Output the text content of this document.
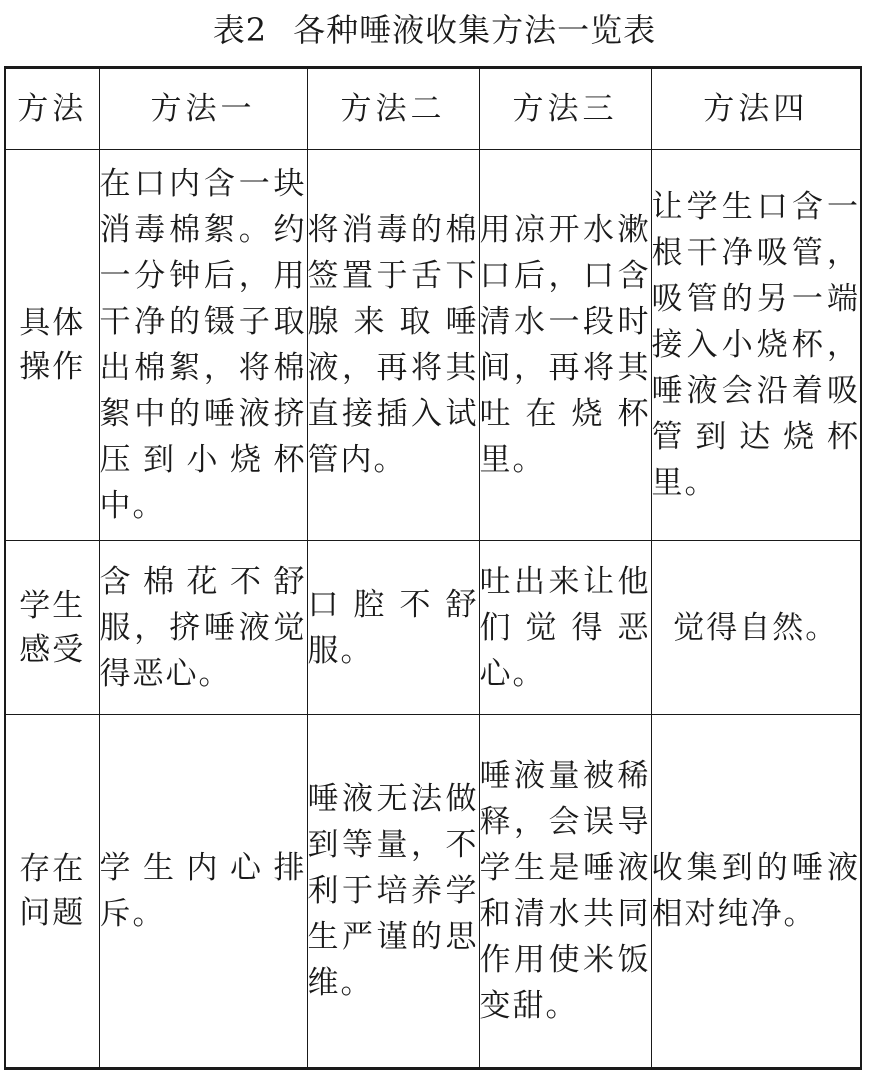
表2 各种唾液收集方法一览表
方法	方法一	方法二	方法三	方法四

具体
操作	在口内含一块消毒棉絮。约一分钟后，用干净的镊子取出棉絮，将棉絮中的唾液挤压到小烧杯中。	将消毒的棉签置于舌下腺来取唾液，再将其直接插入试管内。	用凉开水漱口后，口含清水一段时间，再将其吐在烧杯里。	让学生口含一根干净吸管，吸管的另一端接入小烧杯，唾液会沿着吸管到达烧杯里。

学生
感受	含棉花不舒服，挤唾液觉得恶心。	口腔不舒服。	吐出来让他们觉得恶心。	觉得自然。

存在
问题	学生内心排斥。	唾液无法做到等量，不利于培养学生严谨的思维。	唾液量被稀释，会误导学生是唾液和清水共同作用使米饭变甜。	收集到的唾液相对纯净。
